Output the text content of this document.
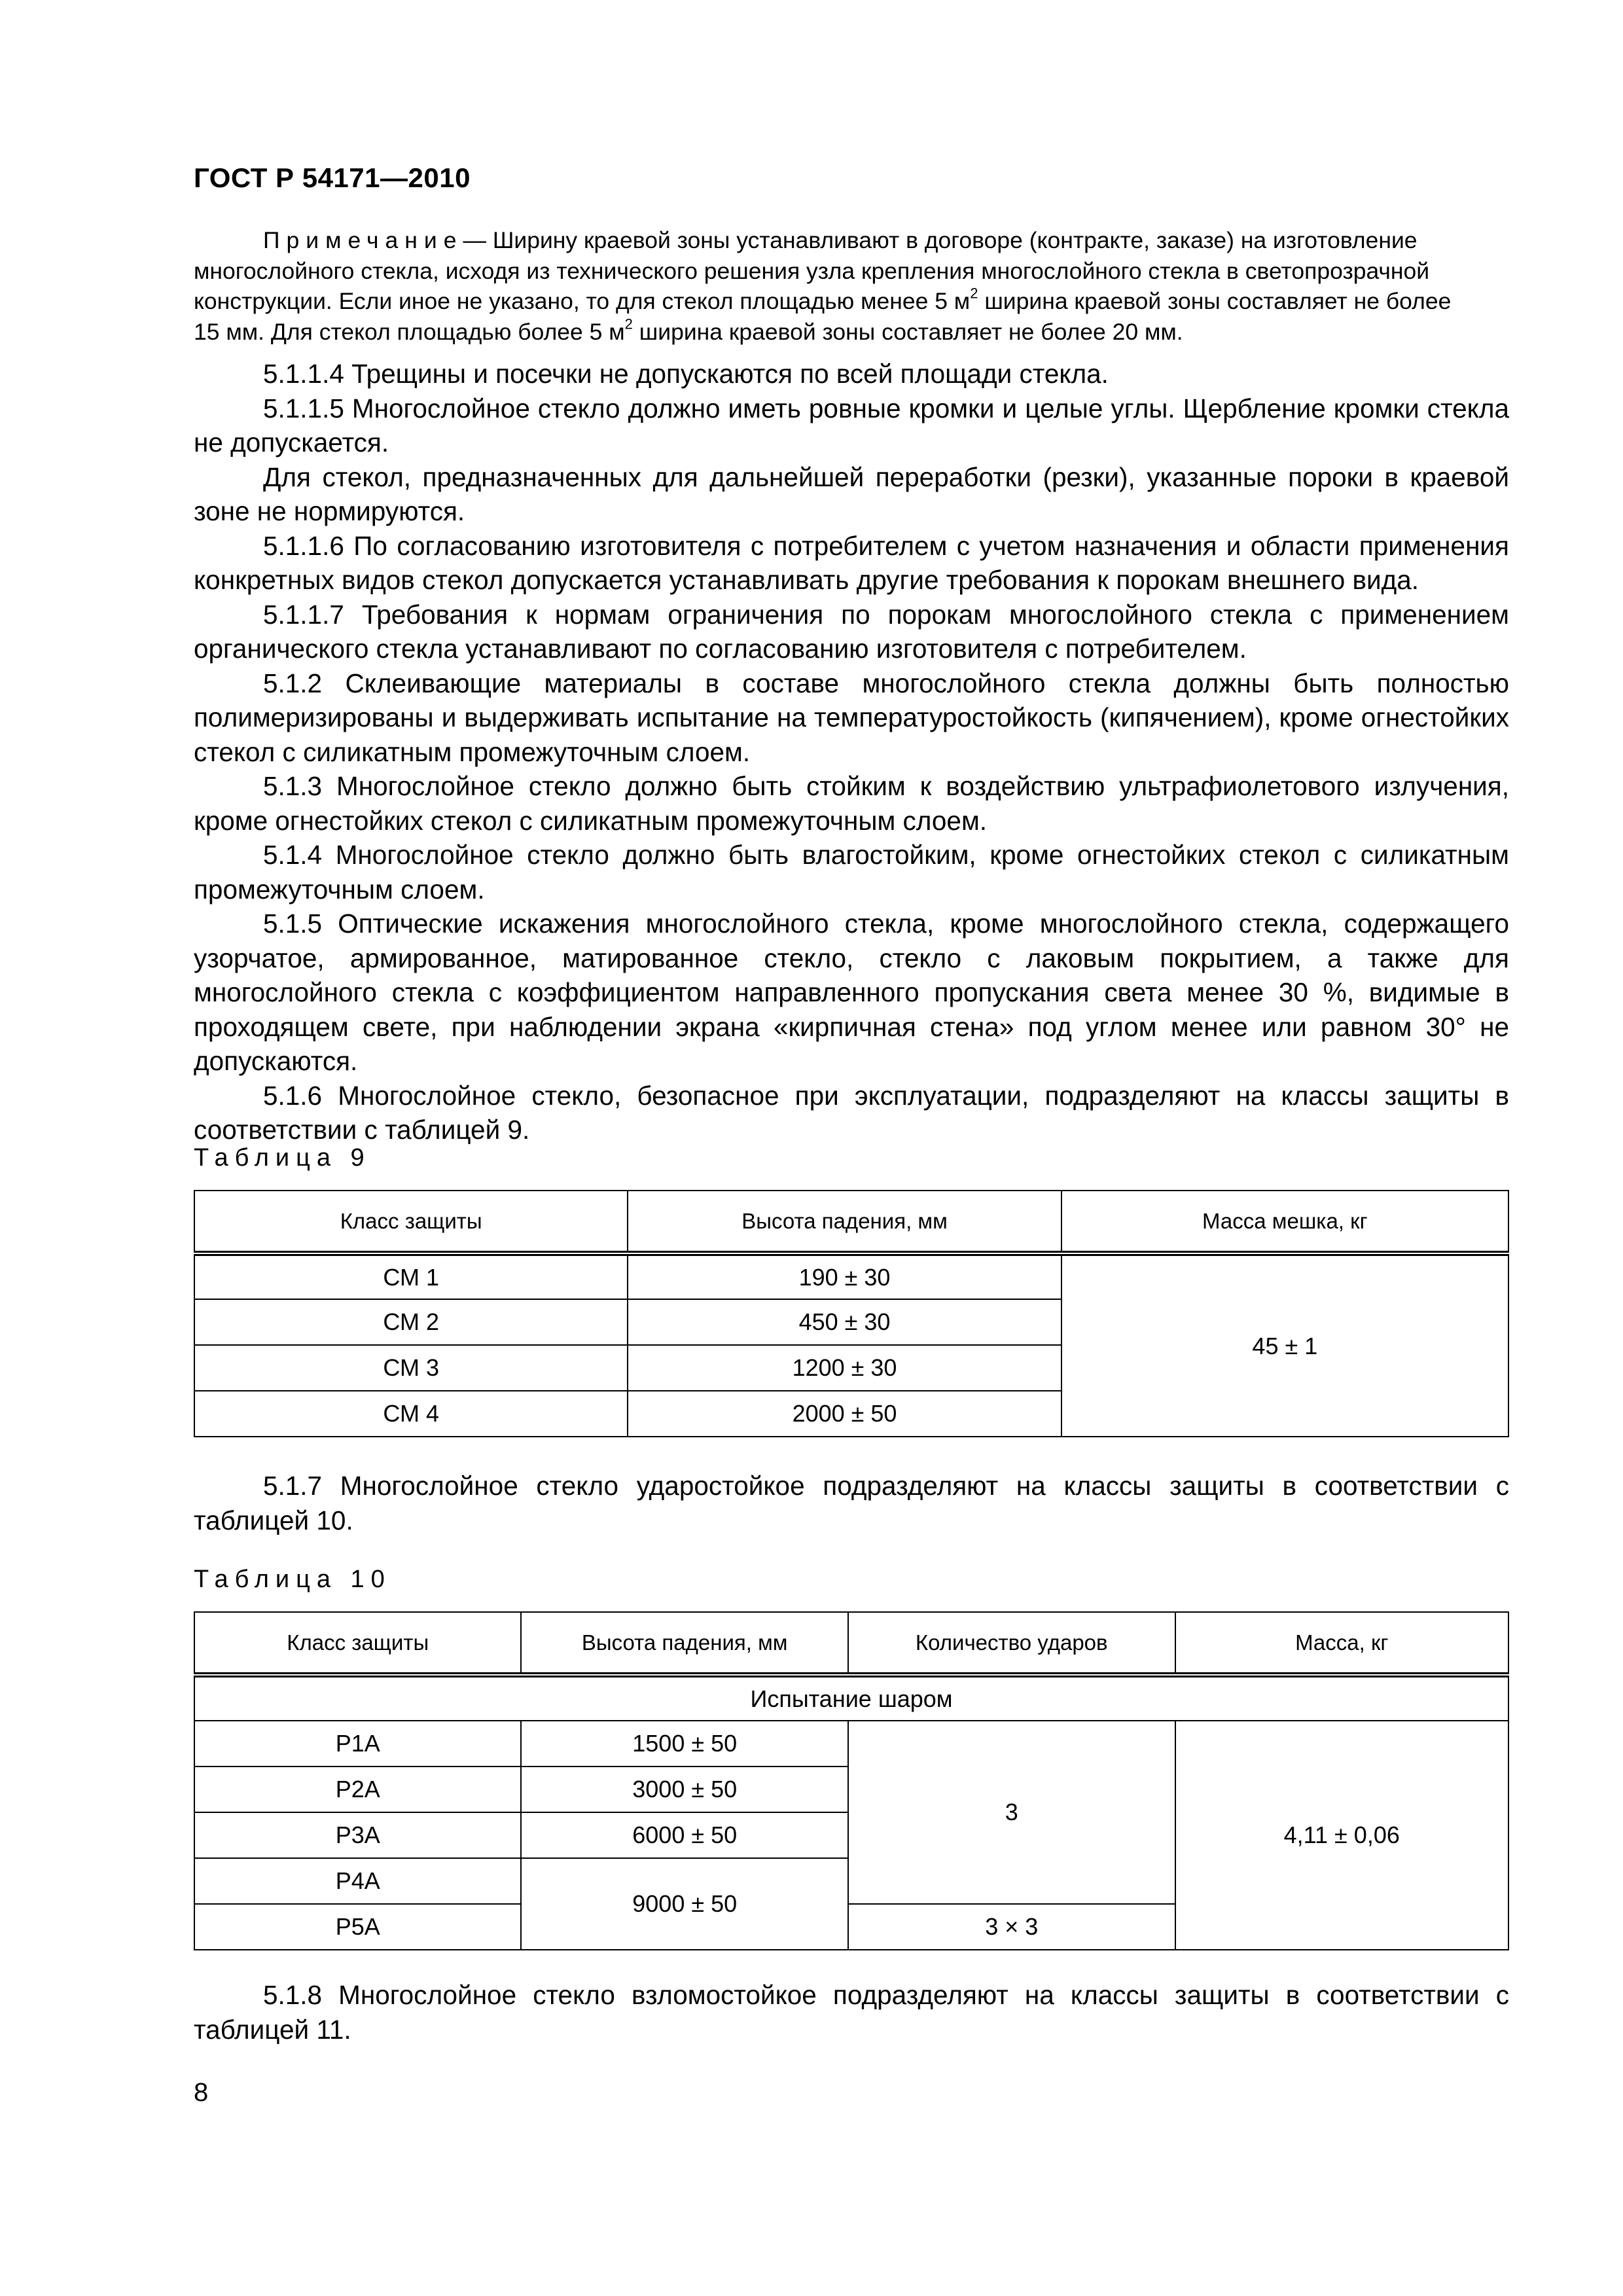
ГОСТ Р 54171—2010

Примечание— Ширину краевой зоны устанавливают в договоре (контракте, заказе) на изготовление

многослойного стекла, исходя из технического решения узла крепления многослойного стекла в светопрозрачной

конструкции. Если иное не указано, то для стекол площадью менее 5 $м^2$ ширина краевой зоны составляет не более

15 мм. Для стекол площадью более 5 $м^2$ ширина краевой зоны составляет не более 20 мм.

5.1.1.4 Трещины и посечки не допускаются по всей площади стекла.

5.1.1.5 Многослойное стекло должно иметь ровные кромки и целые углы. Щербление кромки стекла не допускается.

Для стекол, предназначенных для дальнейшей переработки (резки), указанные пороки в краевой зоне не нормируются.

5.1.1.6 По согласованию изготовителя с потребителем с учетом назначения и области применения конкретных видов стекол допускается устанавливать другие требования к порокам внешнего вида.

5.1.1.7 Требования к нормам ограничения по порокам многослойного стекла с применением органического стекла устанавливают по согласованию изготовителя с потребителем.

5.1.2 Склеивающие материалы в составе многослойного стекла должны быть полностью полимеризированы и выдерживать испытание на температуростойкость (кипячением), кроме огнестойких стекол с силикатным промежуточным слоем.

5.1.3 Многослойное стекло должно быть стойким к воздействию ультрафиолетового излучения, кроме огнестойких стекол с силикатным промежуточным слоем.

5.1.4 Многослойное стекло должно быть влагостойким, кроме огнестойких стекол с силикатным промежуточным слоем.

5.1.5 Оптические искажения многослойного стекла, кроме многослойного стекла, содержащего узорчатое, армированное, матированное стекло, стекло с лаковым покрытием, а также для многослойного стекла с коэффициентом направленного пропускания света менее 30 %, видимые в проходящем свете, при наблюдении экрана «кирпичная стена» под углом менее или равном 30° не допускаются.

5.1.6 Многослойное стекло, безопасное при эксплуатации, подразделяют на классы защиты в соответствии с таблицей 9.

Таблица 9
Класс защиты	Высота падения, мм	Масса мешка, кг
СМ 1	190 ± 30	45 ± 1
СМ 2	450 ± 30	
СМ 3	1200 ± 30	
СМ 4	2000 ± 50	

5.1.7 Многослойное стекло ударостойкое подразделяют на классы защиты в соответствии с таблицей 10.

Таблица 10
Класс защиты	Высота падения, мм	Количество ударов	Масса, кг
Испытание шаром			
Р1А	1500 ± 50	3	4,11 ± 0,06
Р2А	3000 ± 50		
Р3А	6000 ± 50		
Р4А	9000 ± 50		
Р5А		3 × 3	

5.1.8 Многослойное стекло взломостойкое подразделяют на классы защиты в соответствии с таблицей 11.

8
